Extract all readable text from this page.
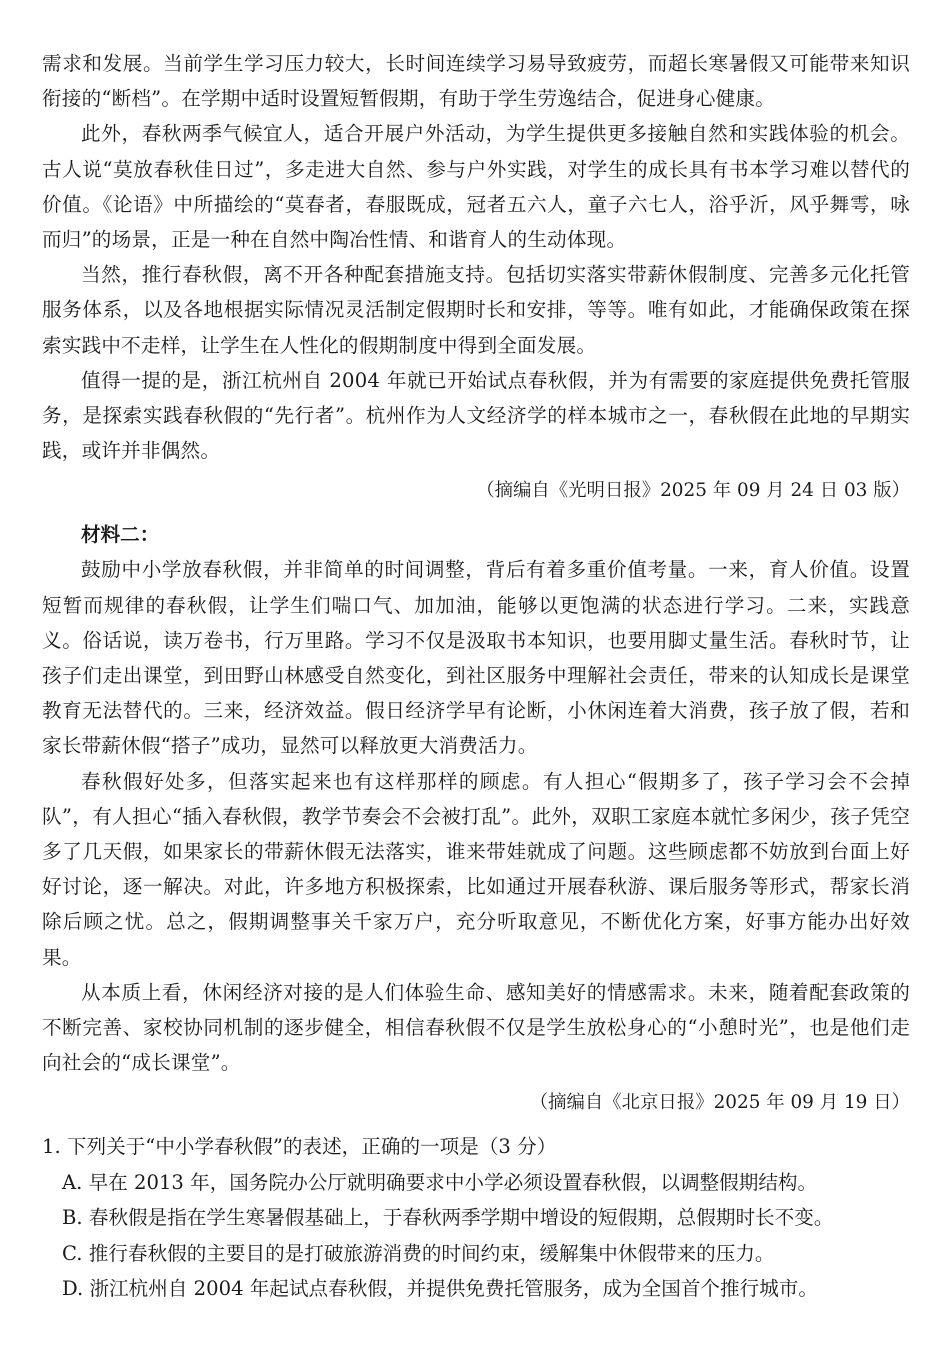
需求和发展。当前学生学习压力较大，长时间连续学习易导致疲劳，而超长寒暑假又可能带来知识衔接的“断档”。在学期中适时设置短暂假期，有助于学生劳逸结合，促进身心健康。

此外，春秋两季气候宜人，适合开展户外活动，为学生提供更多接触自然和实践体验的机会。古人说“莫放春秋佳日过”，多走进大自然、参与户外实践，对学生的成长具有书本学习难以替代的价值。《论语》中所描绘的“莫春者，春服既成，冠者五六人，童子六七人，浴乎沂，风乎舞雩，咏而归”的场景，正是一种在自然中陶冶性情、和谐育人的生动体现。

当然，推行春秋假，离不开各种配套措施支持。包括切实落实带薪休假制度、完善多元化托管服务体系，以及各地根据实际情况灵活制定假期时长和安排，等等。唯有如此，才能确保政策在探索实践中不走样，让学生在人性化的假期制度中得到全面发展。

值得一提的是，浙江杭州自 2004 年就已开始试点春秋假，并为有需要的家庭提供免费托管服务，是探索实践春秋假的“先行者”。杭州作为人文经济学的样本城市之一，春秋假在此地的早期实践，或许并非偶然。

（摘编自《光明日报》2025 年 09 月 24 日 03 版）

材料二：

鼓励中小学放春秋假，并非简单的时间调整，背后有着多重价值考量。一来，育人价值。设置短暂而规律的春秋假，让学生们喘口气、加加油，能够以更饱满的状态进行学习。二来，实践意义。俗话说，读万卷书，行万里路。学习不仅是汲取书本知识，也要用脚丈量生活。春秋时节，让孩子们走出课堂，到田野山林感受自然变化，到社区服务中理解社会责任，带来的认知成长是课堂教育无法替代的。三来，经济效益。假日经济学早有论断，小休闲连着大消费，孩子放了假，若和家长带薪休假“搭子”成功，显然可以释放更大消费活力。

春秋假好处多，但落实起来也有这样那样的顾虑。有人担心“假期多了，孩子学习会不会掉队”，有人担心“插入春秋假，教学节奏会不会被打乱”。此外，双职工家庭本就忙多闲少，孩子凭空多了几天假，如果家长的带薪休假无法落实，谁来带娃就成了问题。这些顾虑都不妨放到台面上好好讨论，逐一解决。对此，许多地方积极探索，比如通过开展春秋游、课后服务等形式，帮家长消除后顾之忧。总之，假期调整事关千家万户，充分听取意见，不断优化方案，好事方能办出好效果。

从本质上看，休闲经济对接的是人们体验生命、感知美好的情感需求。未来，随着配套政策的不断完善、家校协同机制的逐步健全，相信春秋假不仅是学生放松身心的“小憩时光”，也是他们走向社会的“成长课堂”。

（摘编自《北京日报》2025 年 09 月 19 日）

1. 下列关于“中小学春秋假”的表述，正确的一项是（3 分）

A. 早在 2013 年，国务院办公厅就明确要求中小学必须设置春秋假，以调整假期结构。

B. 春秋假是指在学生寒暑假基础上，于春秋两季学期中增设的短假期，总假期时长不变。

C. 推行春秋假的主要目的是打破旅游消费的时间约束，缓解集中休假带来的压力。

D. 浙江杭州自 2004 年起试点春秋假，并提供免费托管服务，成为全国首个推行城市。
